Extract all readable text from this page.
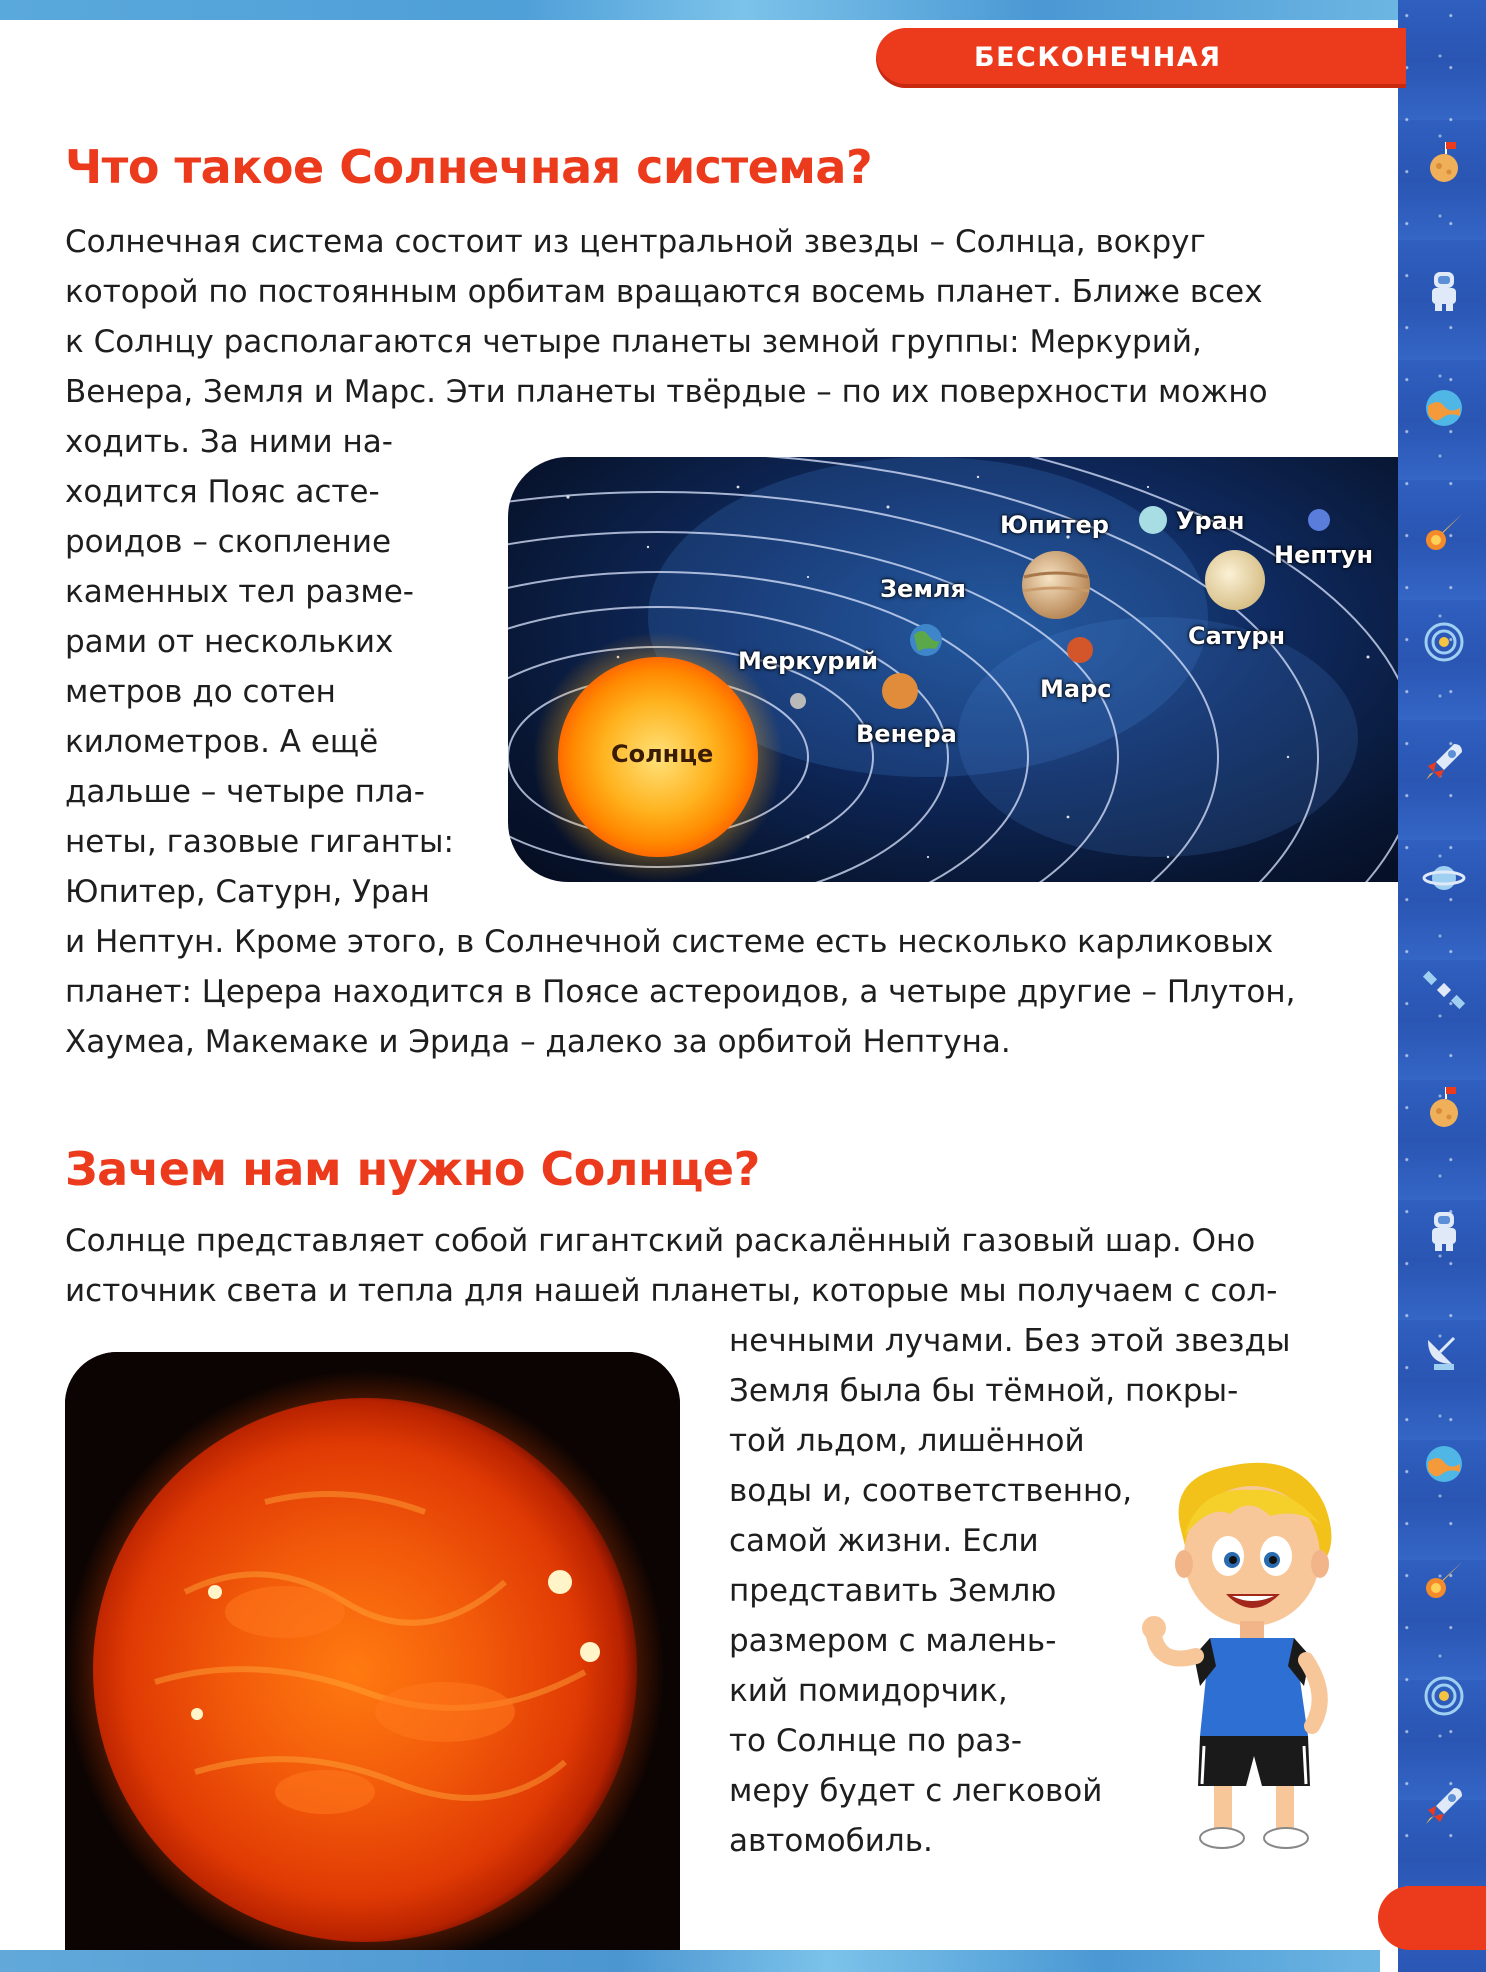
БЕСКОНЕЧНАЯ ВСЕЛЕННАЯ
Что такое Солнечная система?
Солнечная система состоит из центральной звезды – Солнца, вокруг
которой по постоянным орбитам вращаются восемь планет. Ближе всех
к Солнцу располагаются четыре планеты земной группы: Меркурий,
Венера, Земля и Марс. Эти планеты твёрдые – по их поверхности можно
ходить. За ними на-
ходится Пояс асте-
роидов – скопление
каменных тел разме-
рами от нескольких
метров до сотен
километров. А ещё
дальше – четыре пла-
неты, газовые гиганты:
Юпитер, Сатурн, Уран
и Нептун. Кроме этого, в Солнечной системе есть несколько карликовых
планет: Церера находится в Поясе астероидов, а четыре другие – Плутон,
Хаумеа, Макемаке и Эрида – далеко за орбитой Нептуна.
Солнце
Меркурий
Венера
Земля
Марс
Юпитер
Сатурн
Уран
Нептун
Зачем нам нужно Солнце?
Солнце представляет собой гигантский раскалённый газовый шар. Оно
источник света и тепла для нашей планеты, которые мы получаем с сол-
нечными лучами. Без этой звезды
Земля была бы тёмной, покры-
той льдом, лишённой
воды и, соответственно,
самой жизни. Если
представить Землю
размером с малень-
кий помидорчик,
то Солнце по раз-
меру будет с легковой
автомобиль.
